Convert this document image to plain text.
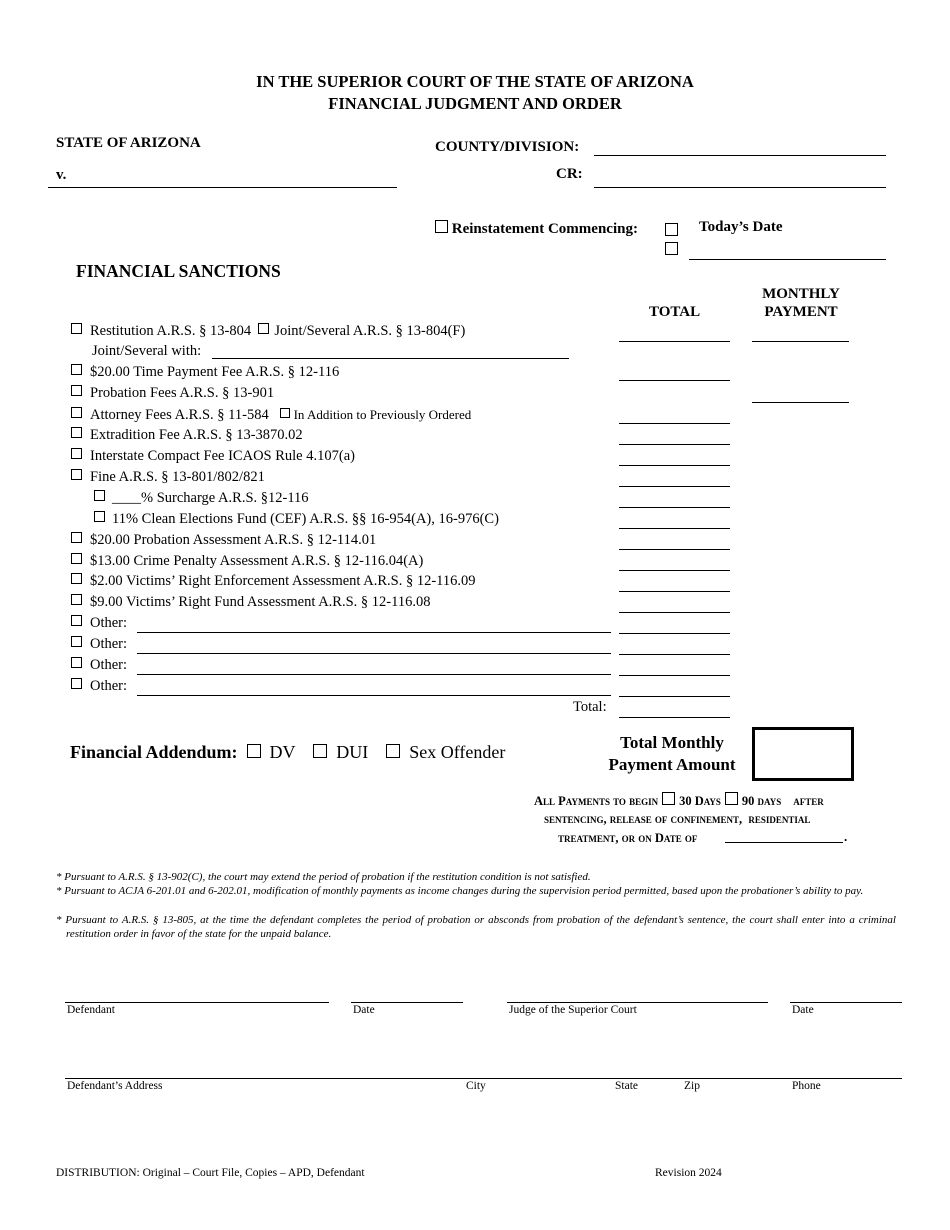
IN THE SUPERIOR COURT OF THE STATE OF ARIZONA
FINANCIAL JUDGMENT AND ORDER
STATE OF ARIZONA
v.
COUNTY/DIVISION:
CR:
Reinstatement Commencing:	Today’s Date
FINANCIAL SANCTIONS
TOTAL
MONTHLY
PAYMENT
Restitution A.R.S. § 13-804 Joint/Several A.R.S. § 13-804(F)
Joint/Several with:
$20.00 Time Payment Fee A.R.S. § 12-116
Probation Fees A.R.S. § 13-901
Attorney Fees A.R.S. § 11-584 In Addition to Previously Ordered
Extradition Fee A.R.S. § 13-3870.02
Interstate Compact Fee ICAOS Rule 4.107(a)
Fine A.R.S. § 13-801/802/821
____% Surcharge A.R.S. §12-116
11% Clean Elections Fund (CEF) A.R.S. §§ 16-954(A), 16-976(C)
$20.00 Probation Assessment A.R.S. § 12-114.01
$13.00 Crime Penalty Assessment A.R.S. § 12-116.04(A)
$2.00 Victims’ Right Enforcement Assessment A.R.S. § 12-116.09
$9.00 Victims’ Right Fund Assessment A.R.S. § 12-116.08
Other:
Other:
Other:
Other:
Total:
Financial Addendum: DV DUI Sex Offender	Total Monthly
Payment Amount
All Payments to begin 30 Days 90 days after
sentencing, release of confinement,  residential
treatment, or on Date of	.
* Pursuant to A.R.S. § 13-902(C), the court may extend the period of probation if the restitution condition is not satisfied.
* Pursuant to ACJA 6-201.01 and 6-202.01, modification of monthly payments as income changes during the supervision period permitted, based upon the probationer’s ability to pay.
* Pursuant to A.R.S. § 13-805, at the time the defendant completes the period of probation or absconds from probation of the defendant’s sentence, the court shall enter into a criminal restitution order in favor of the state for the unpaid balance.
Defendant	Date	Judge of the Superior Court	Date
Defendant’s Address	City	State	Zip	Phone
DISTRIBUTION: Original – Court File, Copies – APD, Defendant	Revision 2024
